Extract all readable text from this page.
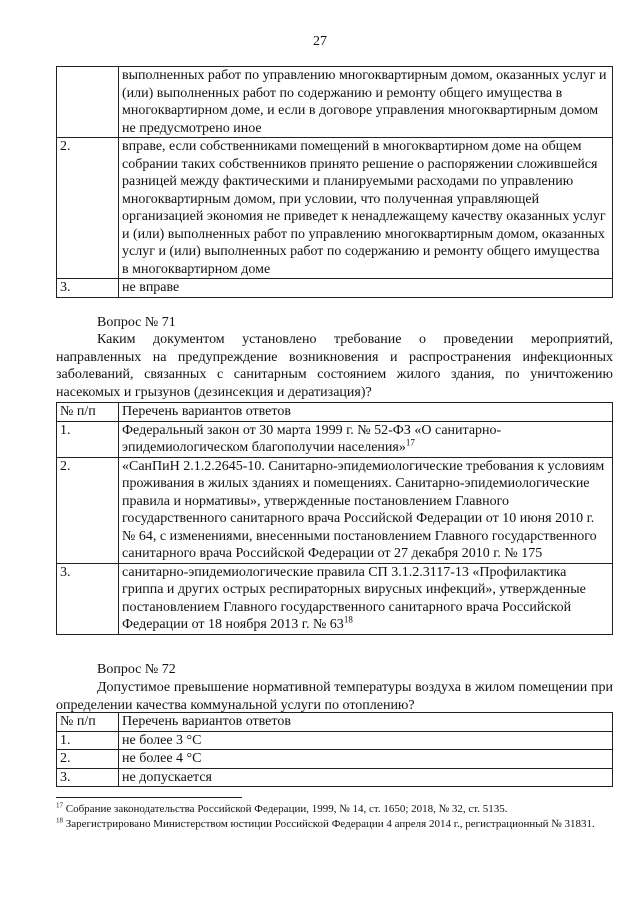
27
	выполненных работ по управлению многоквартирным домом, оказанных услуг и (или) выполненных работ по содержанию и ремонту общего имущества в многоквартирном доме, и если в договоре управления многоквартирным домом не предусмотрено иное
2.	вправе, если собственниками помещений в многоквартирном доме на общем собрании таких собственников принято решение о распоряжении сложившейся разницей между фактическими и планируемыми расходами по управлению многоквартирным домом, при условии, что полученная управляющей организацией экономия не приведет к ненадлежащему качеству оказанных услуг и (или) выполненных работ по управлению многоквартирным домом, оказанных услуг и (или) выполненных работ по содержанию и ремонту общего имущества в многоквартирном доме
3.	не вправе
Вопрос № 71
Каким документом установлено требование о проведении мероприятий, направленных на предупреждение возникновения и распространения инфекционных заболеваний, связанных с санитарным состоянием жилого здания, по уничтожению насекомых и грызунов (дезинсекция и дератизация)?
№ п/п	Перечень вариантов ответов
1.	Федеральный закон от 30 марта 1999 г. № 52-ФЗ «О санитарно-эпидемиологическом благополучии населения»$^{17}$
2.	«СанПиН 2.1.2.2645-10. Санитарно-эпидемиологические требования к условиям проживания в жилых зданиях и помещениях. Санитарно-эпидемиологические правила и нормативы», утвержденные постановлением Главного государственного санитарного врача Российской Федерации от 10 июня 2010 г. № 64, с изменениями, внесенными постановлением Главного государственного санитарного врача Российской Федерации от 27 декабря 2010 г. № 175
3.	санитарно-эпидемиологические правила СП 3.1.2.3117-13 «Профилактика гриппа и других острых респираторных вирусных инфекций», утвержденные постановлением Главного государственного санитарного врача Российской Федерации от 18 ноября 2013 г. № $63^{18}$
Вопрос № 72
Допустимое превышение нормативной температуры воздуха в жилом помещении при определении качества коммунальной услуги по отоплению?
№ п/п	Перечень вариантов ответов
1.	не более 3 °С
2.	не более 4 °С
3.	не допускается

$^{17}$ Собрание законодательства Российской Федерации, 1999, № 14, ст. 1650; 2018, № 32, ст. 5135.

$^{18}$ Зарегистрировано Министерством юстиции Российской Федерации 4 апреля 2014 г., регистрационный № 31831.
